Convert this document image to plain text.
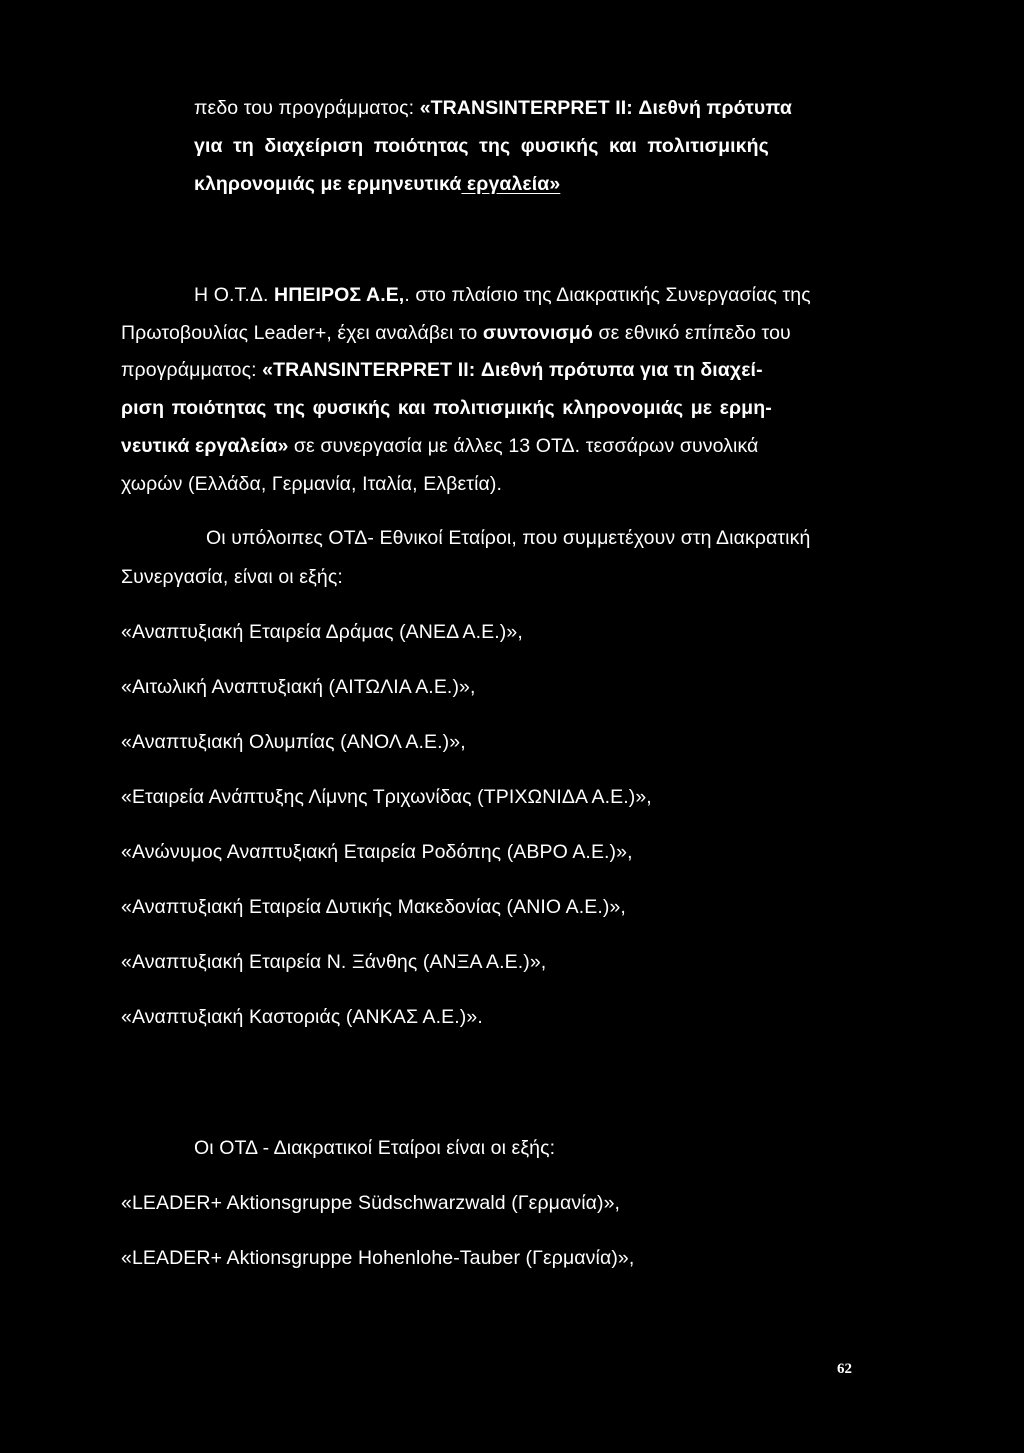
πεδο του προγράμματος: «TRANSINTERPRET II: Διεθνή πρότυπα
για τη διαχείριση ποιότητας της φυσικής και πολιτισμικής
κληρονομιάς με ερμηνευτικά εργαλεία»
Η Ο.Τ.Δ. ΗΠΕΙΡΟΣ Α.Ε,. στο πλαίσιο της Διακρατικής Συνεργασίας της
Πρωτοβουλίας Leader+, έχει αναλάβει το συντονισμό σε εθνικό επίπεδο του
προγράμματος: «TRANSINTERPRET II: Διεθνή πρότυπα για τη διαχεί-
ριση ποιότητας της φυσικής και πολιτισμικής κληρονομιάς με ερμη-
νευτικά εργαλεία» σε συνεργασία με άλλες 13 ΟΤΔ. τεσσάρων συνολικά
χωρών (Ελλάδα, Γερμανία, Ιταλία, Ελβετία).
Οι υπόλοιπες ΟΤΔ- Εθνικοί Εταίροι, που συμμετέχουν στη Διακρατική
Συνεργασία, είναι οι εξής:
«Αναπτυξιακή Εταιρεία Δράμας (ΑΝΕΔ Α.Ε.)»,
«Αιτωλική Αναπτυξιακή (ΑΙΤΩΛΙΑ Α.Ε.)»,
«Αναπτυξιακή Ολυμπίας (ΑΝΟΛ Α.Ε.)»,
«Εταιρεία Ανάπτυξης Λίμνης Τριχωνίδας (ΤΡΙΧΩΝΙΔΑ Α.Ε.)»,
«Ανώνυμος Αναπτυξιακή Εταιρεία Ροδόπης (ΑΒΡΟ Α.Ε.)»,
«Αναπτυξιακή Εταιρεία Δυτικής Μακεδονίας (ΑΝΙΟ Α.Ε.)»,
«Αναπτυξιακή Εταιρεία Ν. Ξάνθης (ΑΝΞΑ Α.Ε.)»,
«Αναπτυξιακή Καστοριάς (ΑΝΚΑΣ Α.Ε.)».
Οι ΟΤΔ - Διακρατικοί Εταίροι είναι οι εξής:
«LEADER+ Aktionsgruppe Südschwarzwald (Γερμανία)»,
«LEADER+ Aktionsgruppe Hohenlohe-Tauber (Γερμανία)»,
62
